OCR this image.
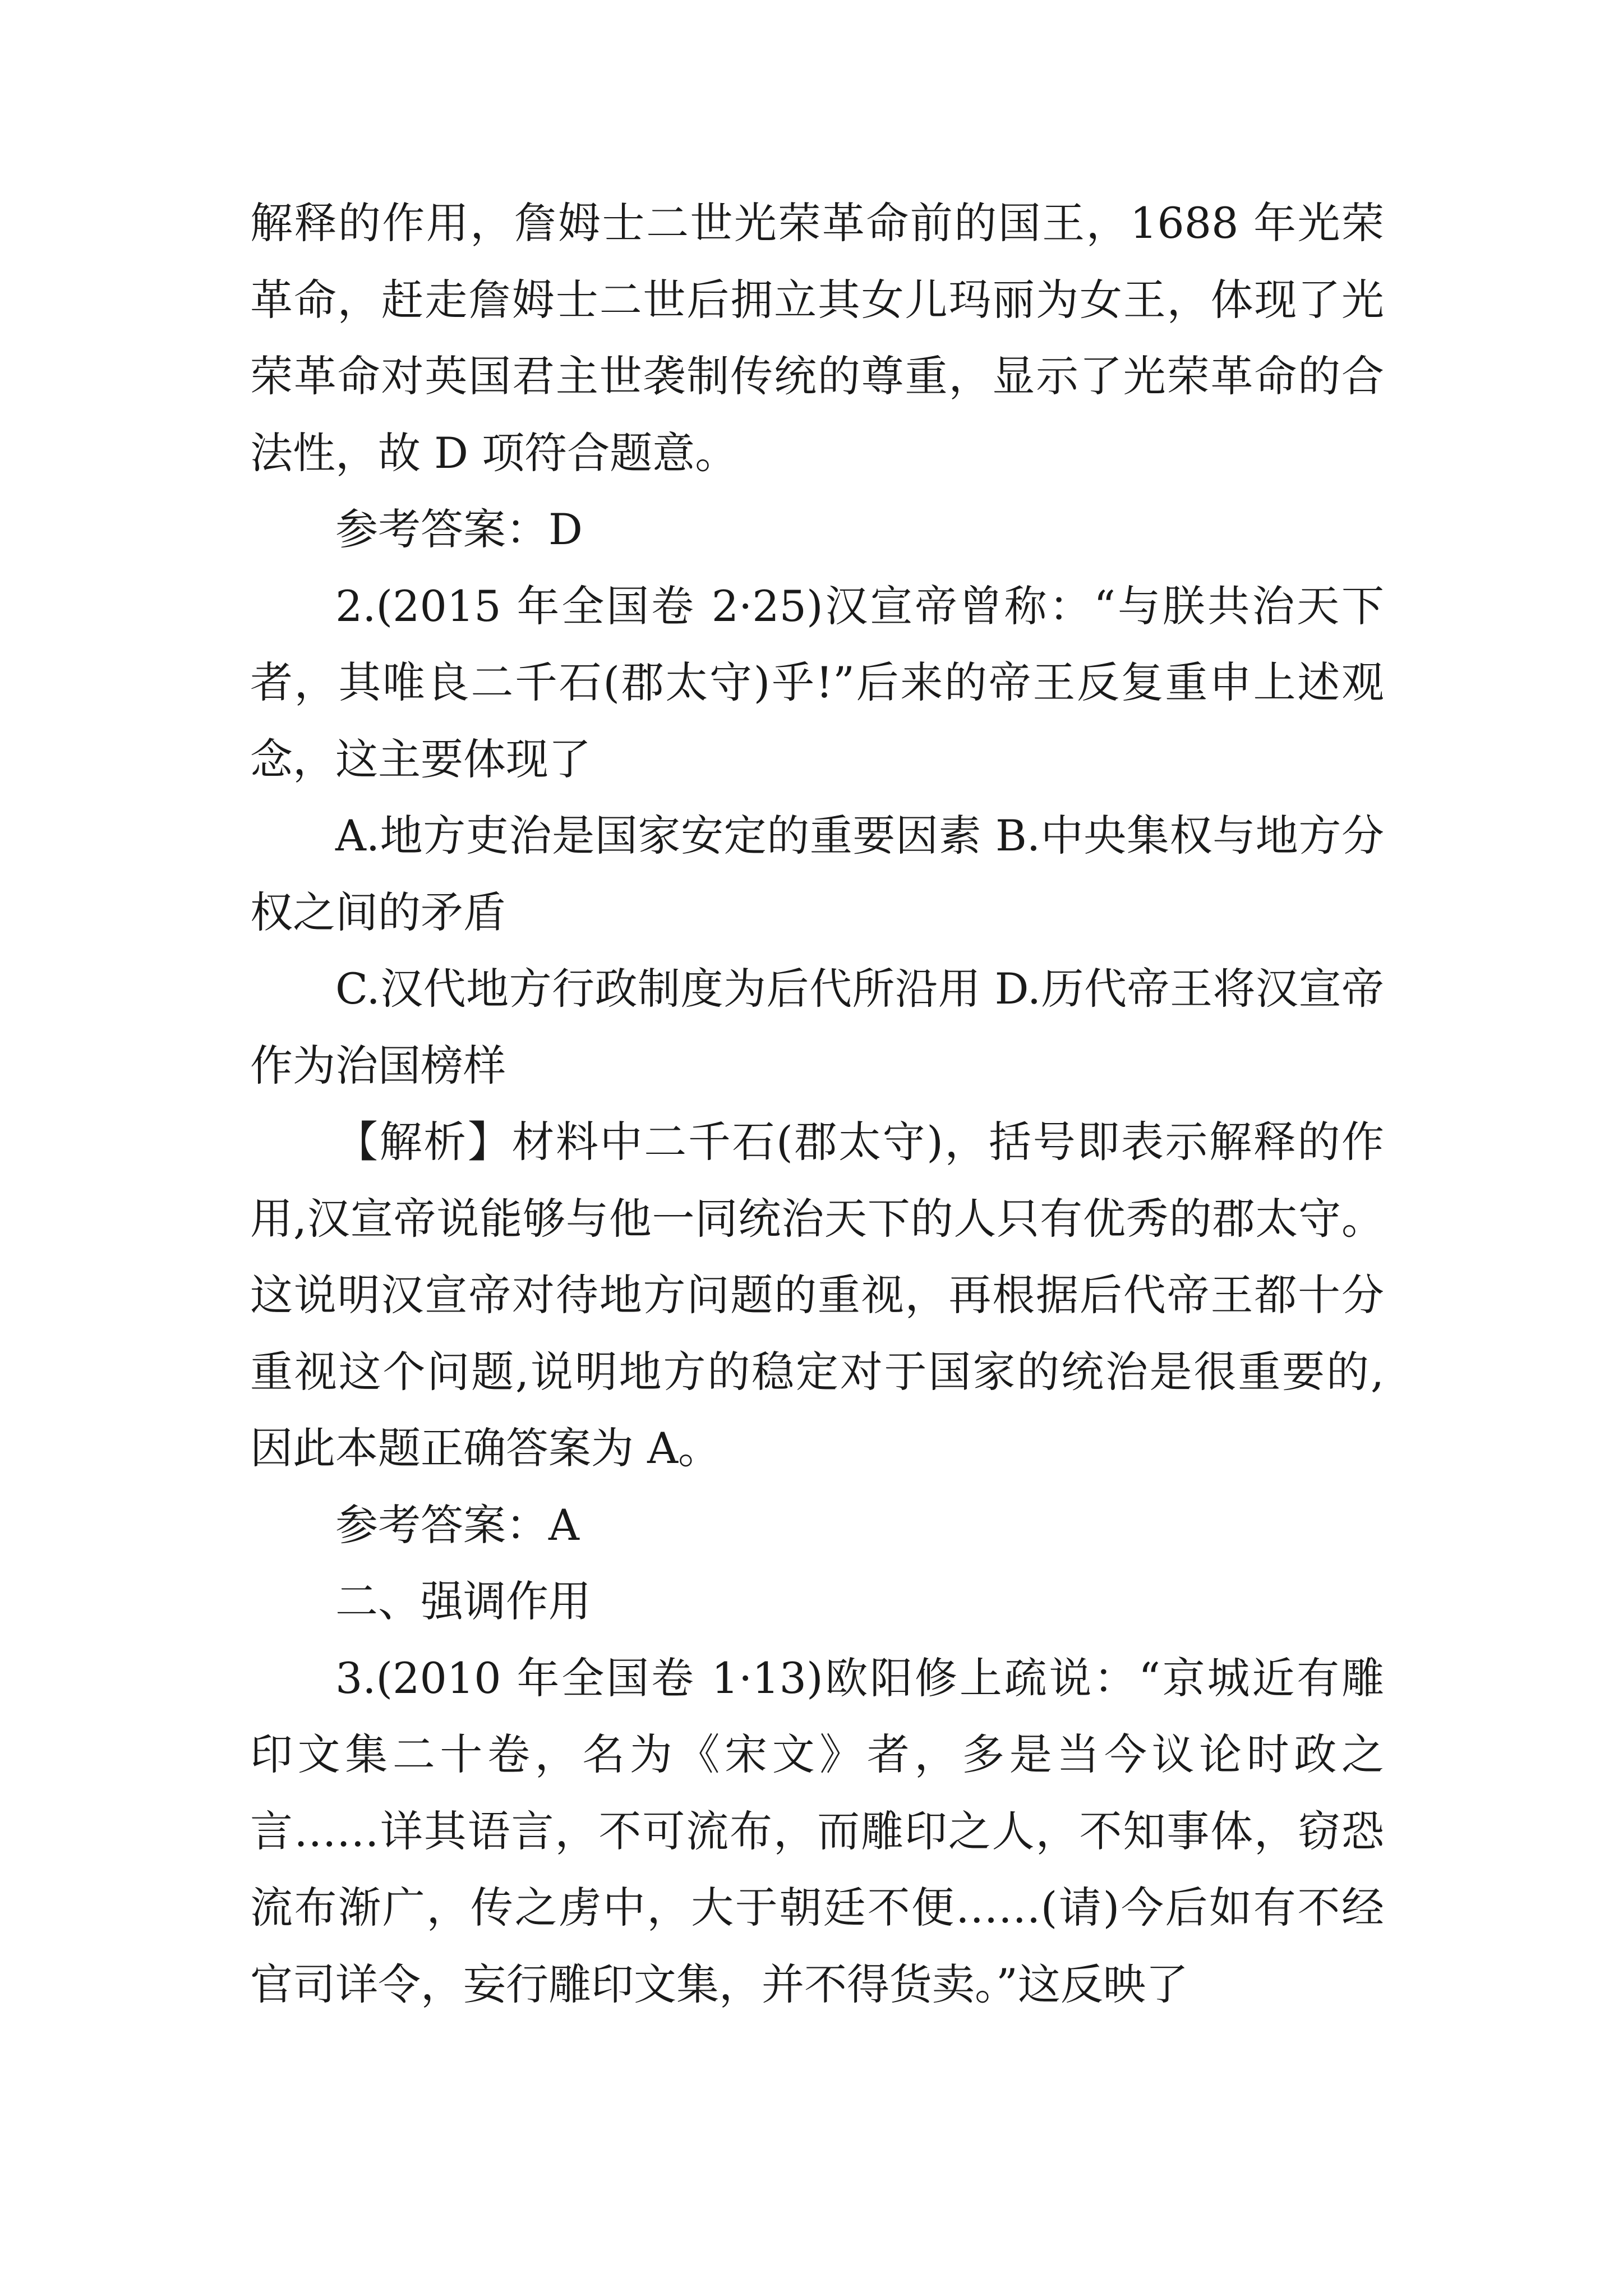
解释的作用，詹姆士二世光荣革命前的国王，1688 年光荣革命，赶走詹姆士二世后拥立其女儿玛丽为女王，体现了光荣革命对英国君主世袭制传统的尊重，显示了光荣革命的合法性，故 D 项符合题意。

参考答案：D

2.(2015 年全国卷 2·25)汉宣帝曾称：“与朕共治天下者，其唯良二千石(郡太守)乎!”后来的帝王反复重申上述观念，这主要体现了

A.地方吏治是国家安定的重要因素 B.中央集权与地方分权之间的矛盾

C.汉代地方行政制度为后代所沿用 D.历代帝王将汉宣帝作为治国榜样

【解析】材料中二千石(郡太守)，括号即表示解释的作用,汉宣帝说能够与他一同统治天下的人只有优秀的郡太守。这说明汉宣帝对待地方问题的重视，再根据后代帝王都十分重视这个问题,说明地方的稳定对于国家的统治是很重要的,因此本题正确答案为 A。

参考答案：A

二、强调作用

3.(2010 年全国卷 1·13)欧阳修上疏说：“京城近有雕印文集二十卷，名为《宋文》者，多是当今议论时政之言……详其语言，不可流布，而雕印之人，不知事体，窃恐流布渐广，传之虏中，大于朝廷不便……(请)今后如有不经官司详令，妄行雕印文集，并不得货卖。”这反映了
